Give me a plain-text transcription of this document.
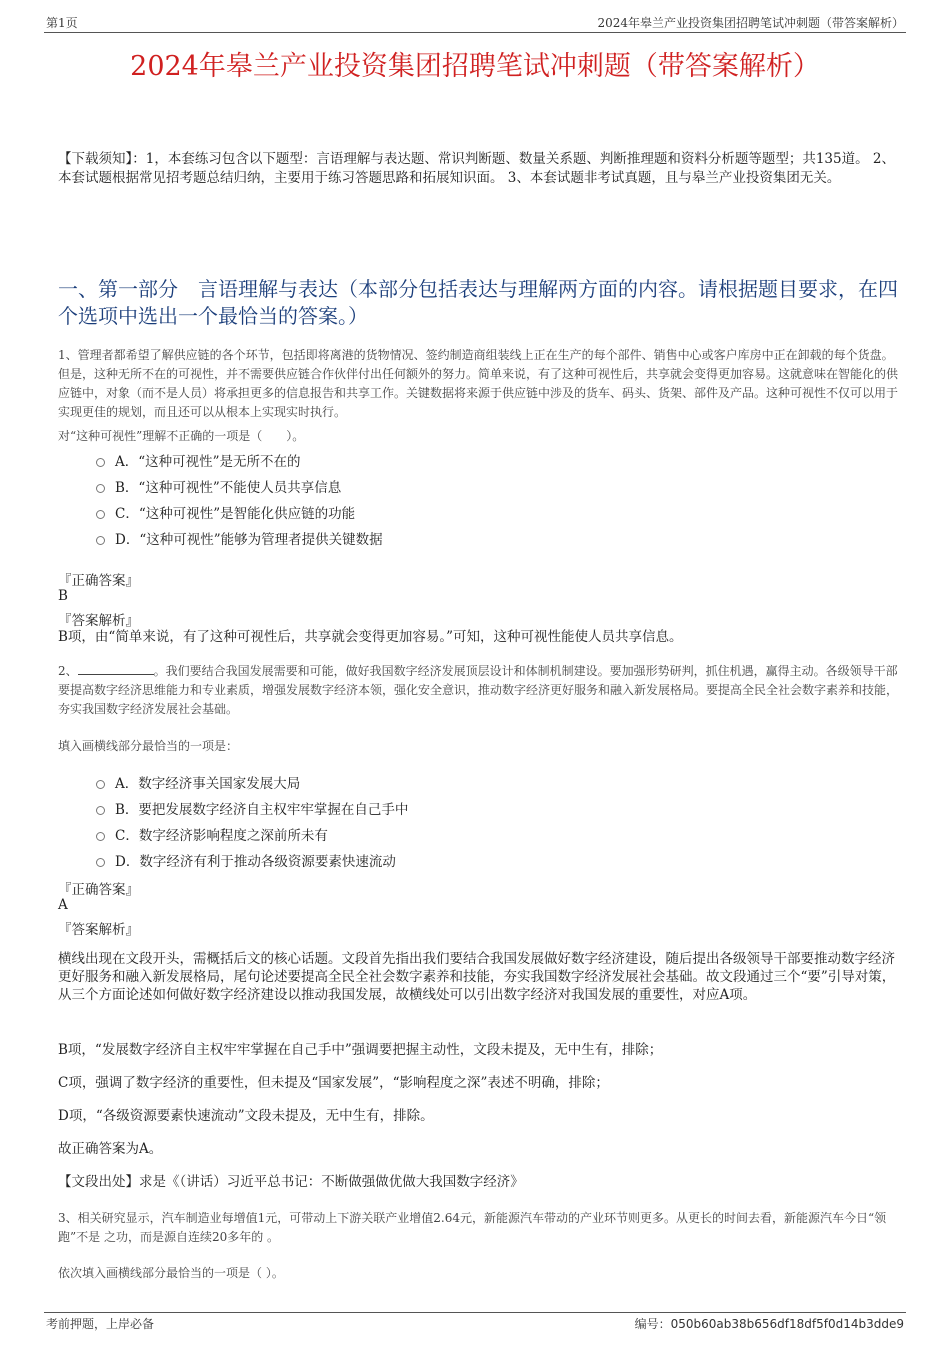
第1页	2024年皋兰产业投资集团招聘笔试冲刺题（带答案解析）
2024年皋兰产业投资集团招聘笔试冲刺题（带答案解析）
【下载须知】：1，本套练习包含以下题型：言语理解与表达题、常识判断题、数量关系题、判断推理题和资料分析题等题型；共135道。 2、本套试题根据常见招考题总结归纳，主要用于练习答题思路和拓展知识面。 3、本套试题非考试真题，且与皋兰产业投资集团无关。
一、第一部分　言语理解与表达（本部分包括表达与理解两方面的内容。请根据题目要求，在四个选项中选出一个最恰当的答案。）
1、管理者都希望了解供应链的各个环节，包括即将离港的货物情况、签约制造商组装线上正在生产的每个部件、销售中心或客户库房中正在卸载的每个货盘。但是，这种无所不在的可视性，并不需要供应链合作伙伴付出任何额外的努力。简单来说，有了这种可视性后，共享就会变得更加容易。这就意味在智能化的供应链中，对象（而不是人员）将承担更多的信息报告和共享工作。关键数据将来源于供应链中涉及的货车、码头、货架、部件及产品。这种可视性不仅可以用于实现更佳的规划，而且还可以从根本上实现实时执行。
对“这种可视性”理解不正确的一项是（　　）。
A．“这种可视性”是无所不在的
B．“这种可视性”不能使人员共享信息
C．“这种可视性”是智能化供应链的功能
D．“这种可视性”能够为管理者提供关键数据
『正确答案』
B
『答案解析』
B项，由“简单来说，有了这种可视性后，共享就会变得更加容易。”可知，这种可视性能使人员共享信息。
2、	。我们要结合我国发展需要和可能，做好我国数字经济发展顶层设计和体制机制建设。要加强形势研判，抓住机遇，赢得主动。各级领导干部要提高数字经济思维能力和专业素质，增强发展数字经济本领，强化安全意识，推动数字经济更好服务和融入新发展格局。要提高全民全社会数字素养和技能，夯实我国数字经济发展社会基础。
填入画横线部分最恰当的一项是：
A．数字经济事关国家发展大局
B．要把发展数字经济自主权牢牢掌握在自己手中
C．数字经济影响程度之深前所未有
D．数字经济有利于推动各级资源要素快速流动
『正确答案』
A
『答案解析』
横线出现在文段开头，需概括后文的核心话题。文段首先指出我们要结合我国发展做好数字经济建设，随后提出各级领导干部要推动数字经济更好服务和融入新发展格局，尾句论述要提高全民全社会数字素养和技能，夯实我国数字经济发展社会基础。故文段通过三个“要”引导对策，从三个方面论述如何做好数字经济建设以推动我国发展，故横线处可以引出数字经济对我国发展的重要性，对应A项。
B项，“发展数字经济自主权牢牢掌握在自己手中”强调要把握主动性，文段未提及，无中生有，排除；
C项，强调了数字经济的重要性，但未提及“国家发展”，“影响程度之深”表述不明确，排除；
D项，“各级资源要素快速流动”文段未提及，无中生有，排除。
故正确答案为A。
【文段出处】求是《（讲话）习近平总书记：不断做强做优做大我国数字经济》
3、相关研究显示，汽车制造业每增值1元，可带动上下游关联产业增值2.64元，新能源汽车带动的产业环节则更多。从更长的时间去看，新能源汽车今日“领跑”不是 之功，而是源自连续20多年的 。
依次填入画横线部分最恰当的一项是（ ）。
考前押题，上岸必备	编号：050b60ab38b656df18df5f0d14b3dde9
